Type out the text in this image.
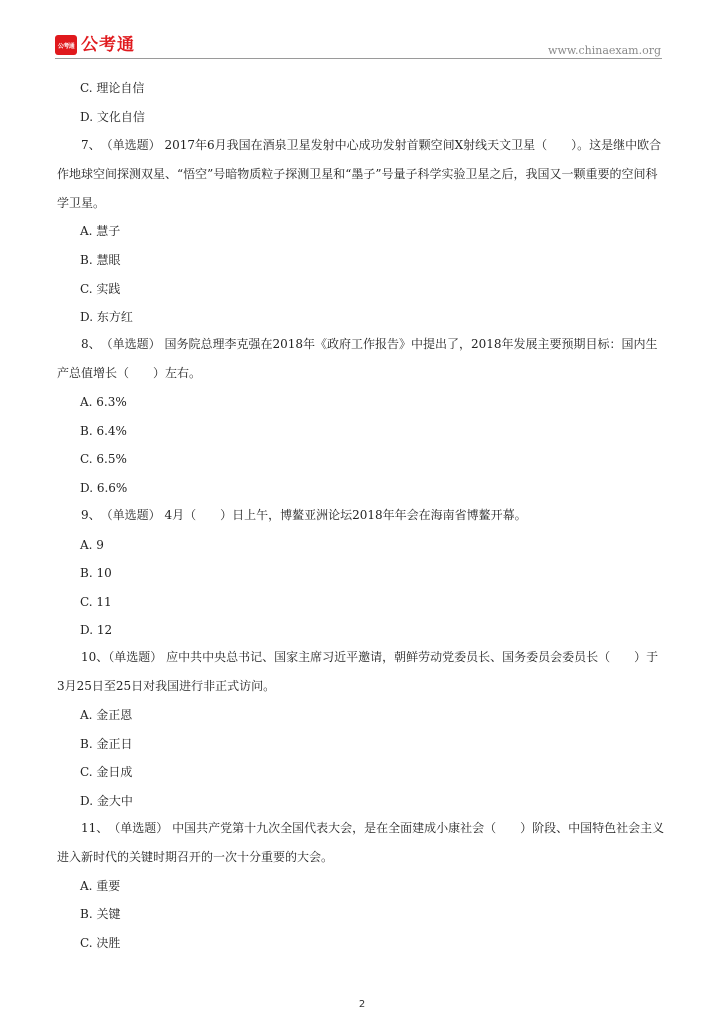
公考通 公考通	www.chinaexam.org
C. 理论自信
D. 文化自信
7、　（单选题） 2017年6月我国在酒泉卫星发射中心成功发射首颗空间X射线天文卫星（　　）。这是继中欧合作地球空间探测双星、“悟空”号暗物质粒子探测卫星和“墨子”号量子科学实验卫星之后，我国又一颗重要的空间科学卫星。
A. 慧子
B. 慧眼
C. 实践
D. 东方红
8、　（单选题） 国务院总理李克强在2018年《政府工作报告》中提出了，2018年发展主要预期目标：国内生产总值增长（　　）左右。
A. 6.3%
B. 6.4%
C. 6.5%
D. 6.6%
9、　（单选题） 4月（　　）日上午，博鳌亚洲论坛2018年年会在海南省博鳌开幕。
A. 9
B. 10
C. 11
D. 12
10、（单选题） 应中共中央总书记、国家主席习近平邀请，朝鲜劳动党委员长、国务委员会委员长（　　）于3月25日至25日对我国进行非正式访问。
A. 金正恩
B. 金正日
C. 金日成
D. 金大中
11、　（单选题） 中国共产党第十九次全国代表大会，是在全面建成小康社会（　　）阶段、中国特色社会主义进入新时代的关键时期召开的一次十分重要的大会。
A. 重要
B. 关键
C. 决胜
2
